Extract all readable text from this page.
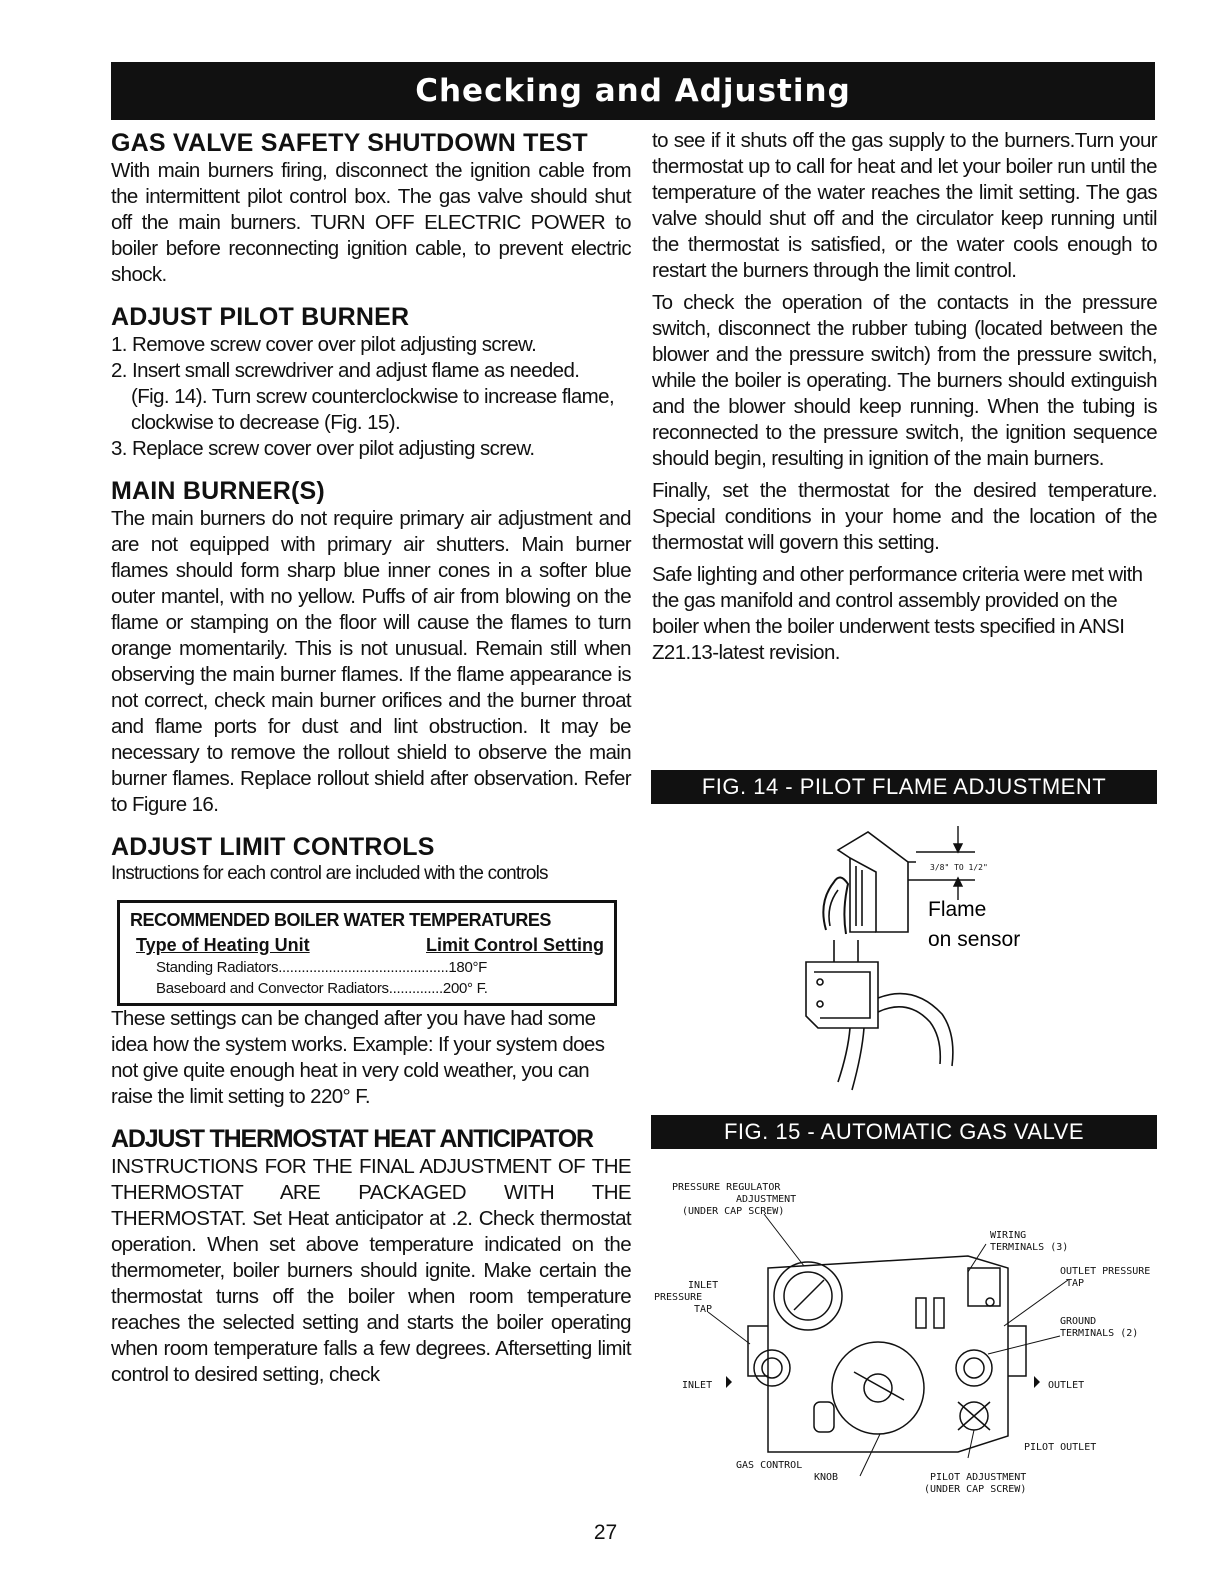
Checking and Adjusting
GAS VALVE SAFETY SHUTDOWN TEST

With main burners firing, disconnect the ignition cable from the intermittent pilot control box. The gas valve should shut off the main burners. TURN OFF ELECTRIC POWER to boiler before reconnecting ignition cable, to prevent electric shock.

ADJUST PILOT BURNER
1. Remove screw cover over pilot adjusting screw.
2. Insert small screwdriver and adjust flame as needed.
(Fig. 14). Turn screw counterclockwise to increase flame, clockwise to decrease (Fig. 15).
3. Replace screw cover over pilot adjusting screw.
MAIN BURNER(S)

The main burners do not require primary air adjustment and are not equipped with primary air shutters. Main burner flames should form sharp blue inner cones in a softer blue outer mantel, with no yellow. Puffs of air from blowing on the flame or stamping on the floor will cause the flames to turn orange momentarily. This is not unusual. Remain still when observing the main burner flames. If the flame appearance is not correct, check main burner orifices and the burner throat and flame ports for dust and lint obstruction. It may be necessary to remove the rollout shield to observe the main burner flames. Replace rollout shield after observation. Refer to Figure 16.

ADJUST LIMIT CONTROLS

Instructions for each control are included with the controls

RECOMMENDED BOILER WATER TEMPERATURES
Type of Heating Unit	Limit Control Setting
Standing Radiators ............................................ 180°F
Baseboard and Convector Radiators .............. 200° F.

These settings can be changed after you have had some idea how the system works. Example: If your system does not give quite enough heat in very cold weather, you can raise the limit setting to 220° F.

ADJUST THERMOSTAT HEAT ANTICIPATOR

INSTRUCTIONS FOR THE FINAL ADJUSTMENT OF THE THERMOSTAT ARE PACKAGED WITH THE THERMOSTAT. Set Heat anticipator at .2. Check thermostat operation. When set above temperature indicated on the thermometer, boiler burners should ignite. Make certain the thermostat turns off the boiler when room temperature reaches the selected setting and starts the boiler operating when room temperature falls a few degrees. Aftersetting limit control to desired setting, check

to see if it shuts off the gas supply to the burners.Turn your thermostat up to call for heat and let your boiler run until the temperature of the water reaches the limit setting. The gas valve should shut off and the circulator keep running until the thermostat is satisfied, or the water cools enough to restart the burners through the limit control.

To check the operation of the contacts in the pressure switch, disconnect the rubber tubing (located between the blower and the pressure switch) from the pressure switch, while the boiler is operating. The burners should extinguish and the blower should keep running. When the tubing is reconnected to the pressure switch, the ignition sequence should begin, resulting in ignition of the main burners.

Finally, set the thermostat for the desired temperature. Special conditions in your home and the location of the thermostat will govern this setting.

Safe lighting and other performance criteria were met with the gas manifold and control assembly provided on the boiler when the boiler underwent tests specified in ANSI Z21.13-latest revision.

FIG. 14 - PILOT FLAME ADJUSTMENT
3/8" TO 1/2"
Flame
on sensor
FIG. 15 - AUTOMATIC GAS VALVE
PRESSURE REGULATOR
ADJUSTMENT
(UNDER CAP SCREW)
WIRING
TERMINALS (3)
OUTLET PRESSURE
TAP
INLET
PRESSURE
TAP
GROUND
TERMINALS (2)
INLET	OUTLET
PILOT OUTLET
GAS CONTROL
KNOB	PILOT ADJUSTMENT
(UNDER CAP SCREW)
27
